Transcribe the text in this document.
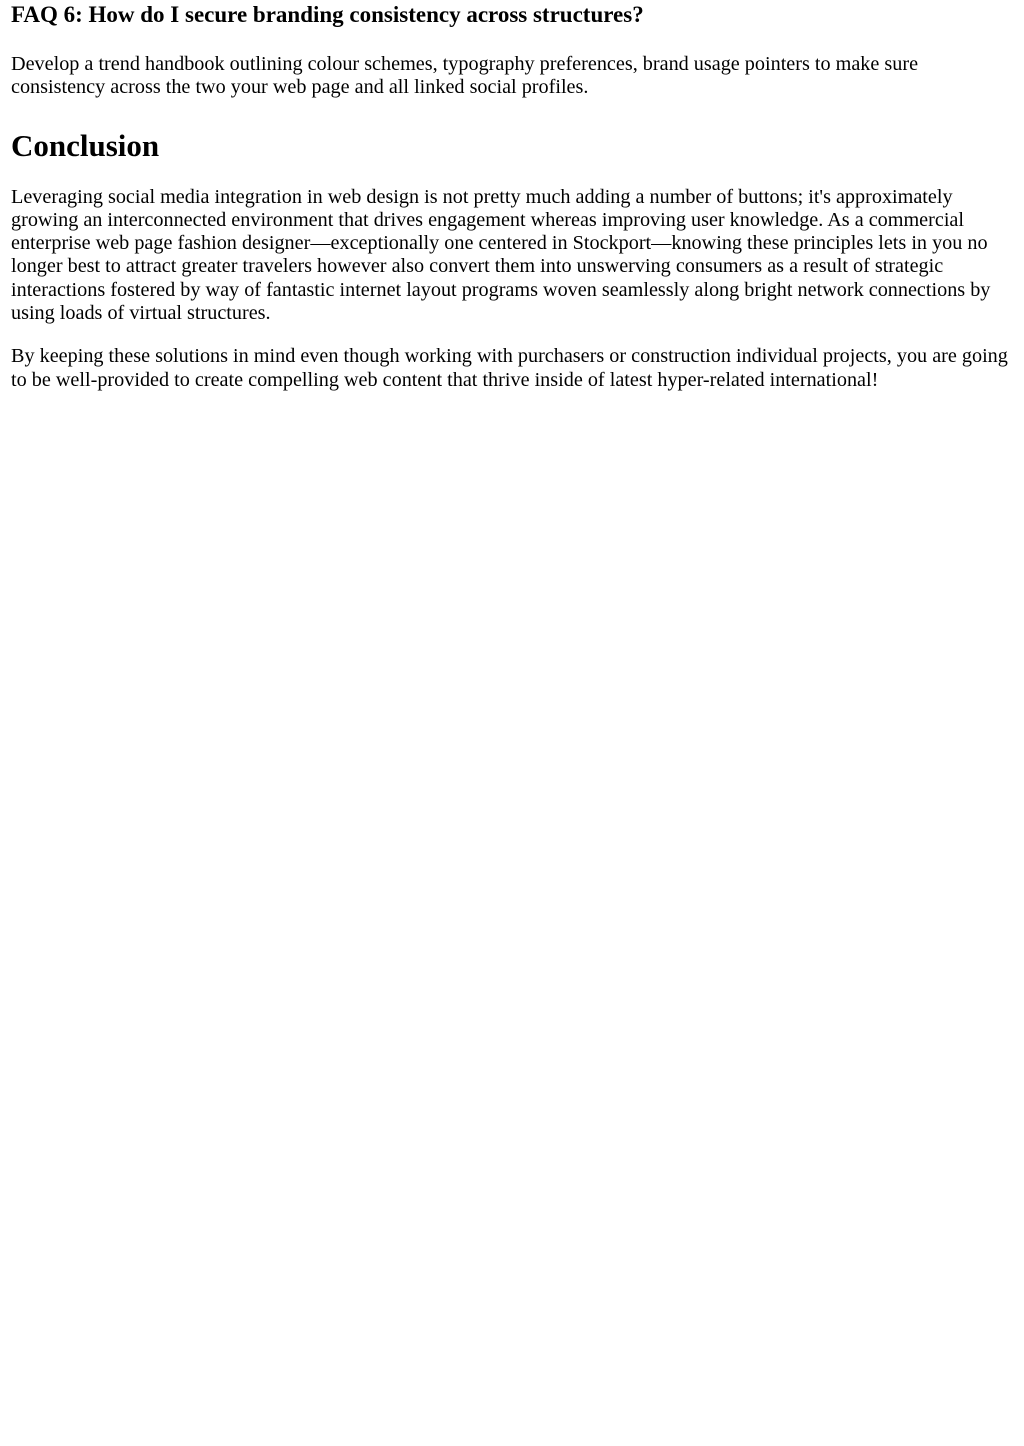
FAQ 6: How do I secure branding consistency across structures?

Develop a trend handbook outlining colour schemes, typography preferences, brand usage pointers to make sure consistency across the two your web page and all linked social profiles.

Conclusion

Leveraging social media integration in web design is not pretty much adding a number of buttons; it's approximately growing an interconnected environment that drives engagement whereas improving user knowledge. As a commercial enterprise web page fashion designer—exceptionally one centered in Stockport—knowing these principles lets in you no longer best to attract greater travelers however also convert them into unswerving consumers as a result of strategic interactions fostered by way of fantastic internet layout programs woven seamlessly along bright network connections by using loads of virtual structures.

By keeping these solutions in mind even though working with purchasers or construction individual projects, you are going to be well-provided to create compelling web content that thrive inside of latest hyper-related international!
